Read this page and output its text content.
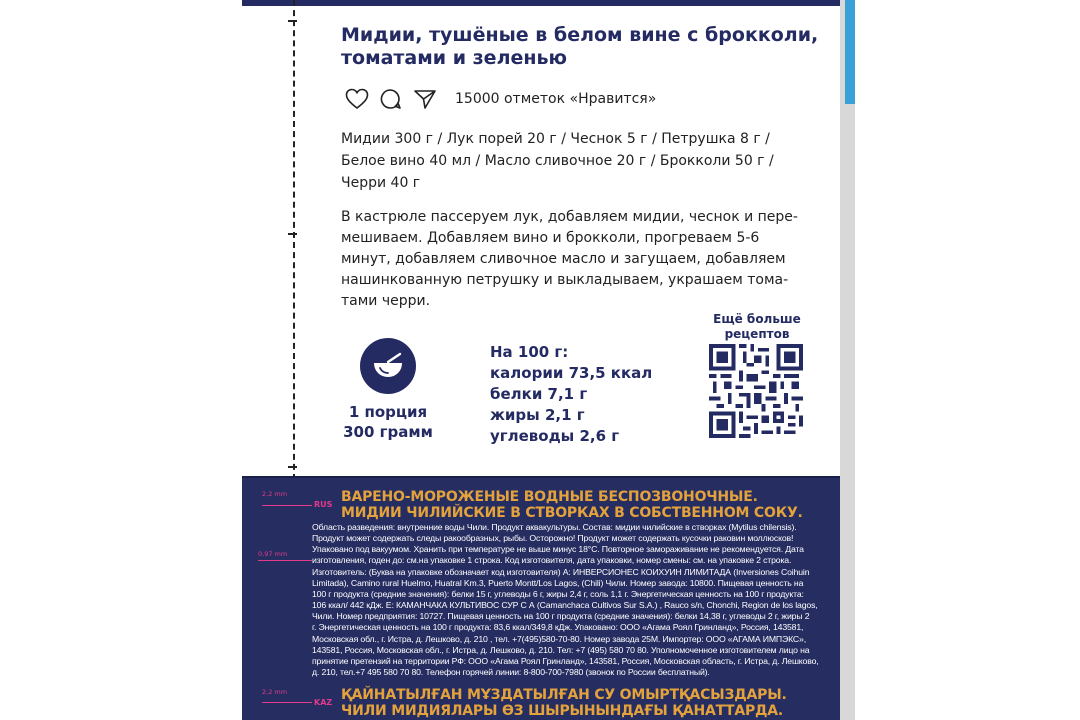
Мидии, тушёные в белом вине с брокколи,
томатами и зеленью
15000 отметок «Нравится»
Мидии 300 г / Лук порей 20 г / Чеснок 5 г / Петрушка 8 г /
Белое вино 40 мл / Масло сливочное 20 г / Брокколи 50 г /
Черри 40 г
В кастрюле пассеруем лук, добавляем мидии, чеснок и пере-
мешиваем. Добавляем вино и брокколи, прогреваем 5-6
минут, добавляем сливочное масло и загущаем, добавляем
нашинкованную петрушку и выкладываем, украшаем тома-
тами черри.
1 порция
300 грамм
На 100 г:
калории 73,5 ккал
белки 7,1 г
жиры 2,1 г
углеводы 2,6 г
Ещё больше
рецептов
2,2 mm
RUS
0,97 mm
2,2 mm
KAZ
ВАРЕНО-МОРОЖЕНЫЕ ВОДНЫЕ БЕСПОЗВОНОЧНЫЕ.
МИДИИ ЧИЛИЙСКИЕ В СТВОРКАХ В СОБСТВЕННОМ СОКУ.
Область разведения: внутренние воды Чили. Продукт аквакультуры. Состав: мидии чилийские в створках (Mytilus chilensis).
Продукт может содержать следы ракообразных, рыбы. Осторожно! Продукт может содержать кусочки раковин моллюсков!
Упаковано под вакуумом. Хранить при температуре не выше минус 18°С. Повторное замораживание не рекомендуется. Дата
изготовления, годен до: см.на упаковке 1 строка. Код изготовителя, дата упаковки, номер смены: см. на упаковке 2 строка.
Изготовитель: (Буква на упаковке обозначает код изготовителя) A: ИНВЕРСИОНЕС КОИХУИН ЛИМИТАДА (Inversiones Coihuin
Limitada), Camino rural Huelmo, Huatral Km.3, Puerto Montt/Los Lagos, (Chili) Чили. Номер завода: 10800. Пищевая ценность на
100 г продукта (средние значения): белки 15 г, углеводы 6 г, жиры 2,4 г, соль 1,1 г. Энергетическая ценность на 100 г продукта:
106 ккал/ 442 кДж. E: КАМАНЧАКА КУЛЬТИВОС СУР С А (Camanchaca Cultivos Sur S.A.) , Rauco s/n, Chonchi, Region de los lagos,
Чили. Номер предприятия: 10727. Пищевая ценность на 100 г продукта (средние значения): белки 14,38 г, углеводы 2 г, жиры 2
г. Энергетическая ценность на 100 г продукта: 83,6 ккал/349,8 кДж. Упаковано: ООО «Агама Роял Гринланд», Россия, 143581,
Московская обл., г. Истра, д. Лешково, д. 210 , тел. +7(495)580-70-80. Номер завода 25М. Импортер: ООО «АГАМА ИМПЭКС»,
143581, Россия, Московская обл., г. Истра, д. Лешково, д. 210. Тел: +7 (495) 580 70 80. Уполномоченное изготовителем лицо на
принятие претензий на территории РФ: ООО «Агама Роял Гринланд», 143581, Россия, Московская область, г. Истра, д. Лешково,
д. 210, тел.+7 495 580 70 80. Телефон горячей линии: 8-800-700-7980 (звонок по России бесплатный).
ҚАЙНАТЫЛҒАН МҰЗДАТЫЛҒАН СУ ОМЫРТҚАСЫЗДАРЫ.
ЧИЛИ МИДИЯЛАРЫ ӨЗ ШЫРЫНЫНДАҒЫ ҚАНАТТАРДА.
